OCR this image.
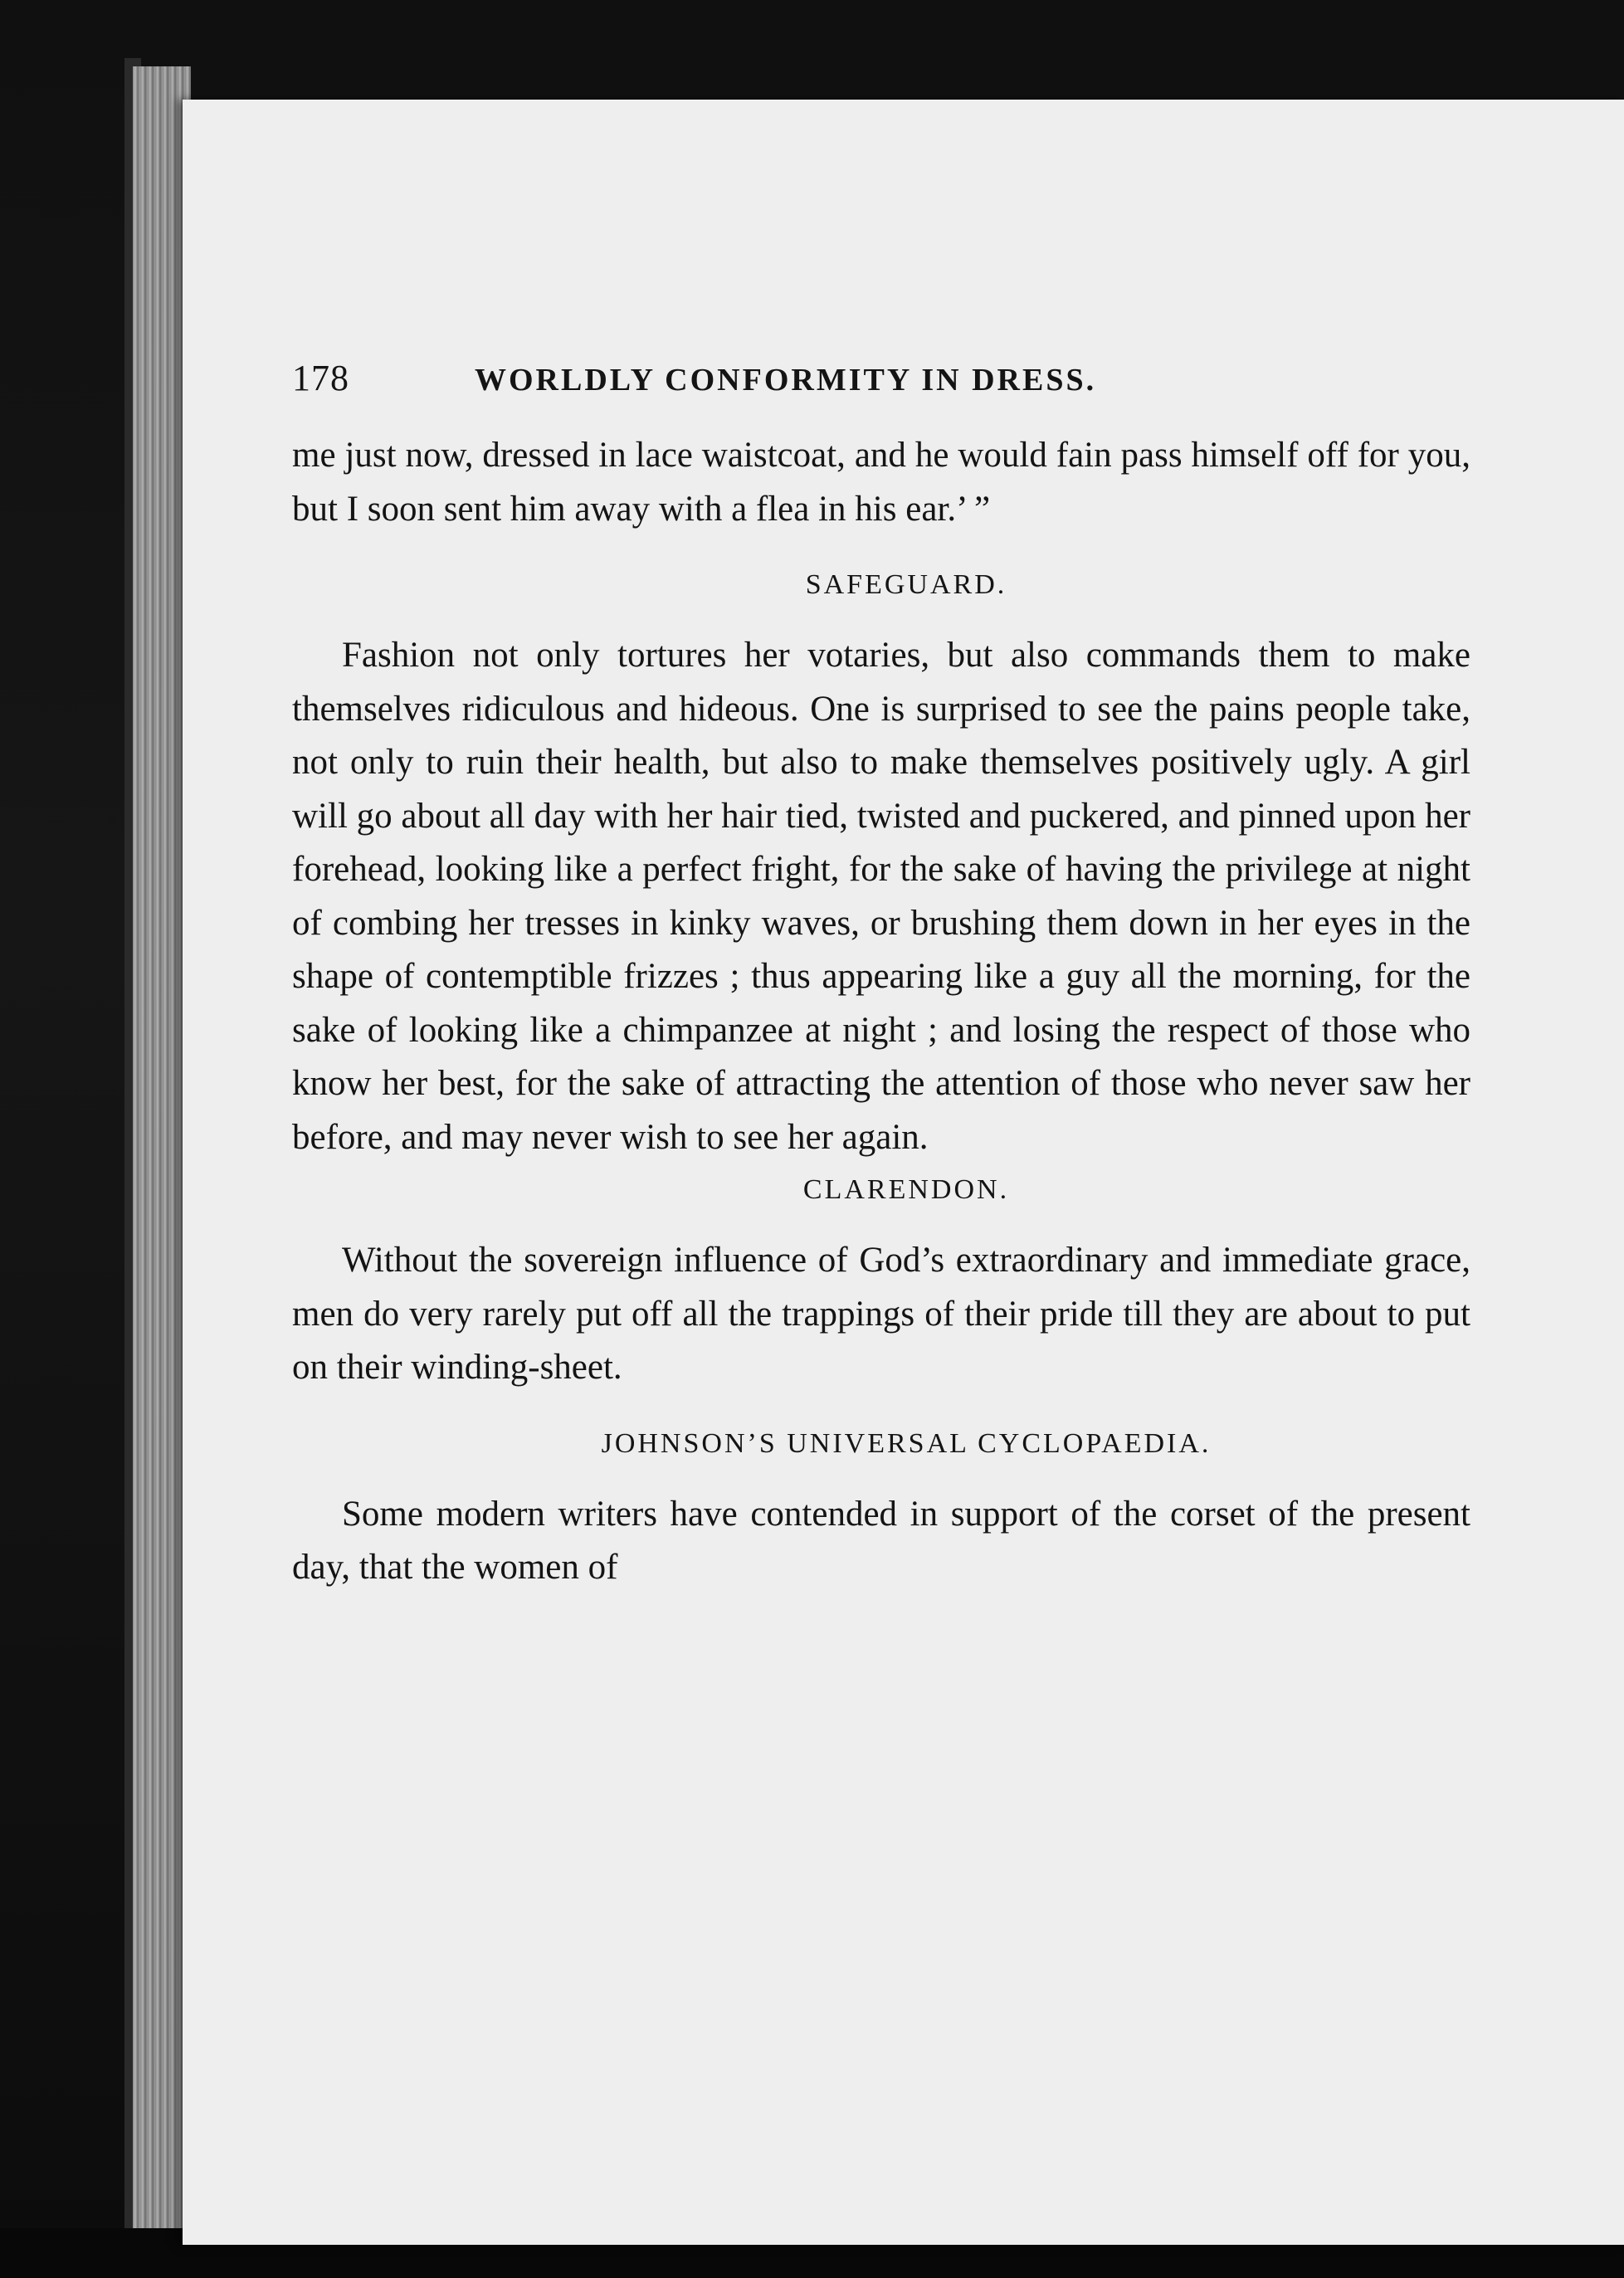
178	WORLDLY CONFORMITY IN DRESS.

me just now, dressed in lace waistcoat, and he would fain pass himself off for you, but I soon sent him away with a flea in his ear.’ ”

SAFEGUARD.

Fashion not only tortures her votaries, but also commands them to make themselves ridiculous and hideous. One is surprised to see the pains people take, not only to ruin their health, but also to make themselves positively ugly. A girl will go about all day with her hair tied, twisted and puckered, and pinned upon her forehead, looking like a perfect fright, for the sake of having the privilege at night of combing her tresses in kinky waves, or brushing them down in her eyes in the shape of contemptible frizzes ; thus appearing like a guy all the morning, for the sake of looking like a chimpanzee at night ; and losing the respect of those who know her best, for the sake of attracting the attention of those who never saw her before, and may never wish to see her again.

CLARENDON.

Without the sovereign influence of God’s extraordinary and immediate grace, men do very rarely put off all the trappings of their pride till they are about to put on their winding-sheet.

JOHNSON’S UNIVERSAL CYCLOPAEDIA.

Some modern writers have contended in support of the corset of the present day, that the women of
